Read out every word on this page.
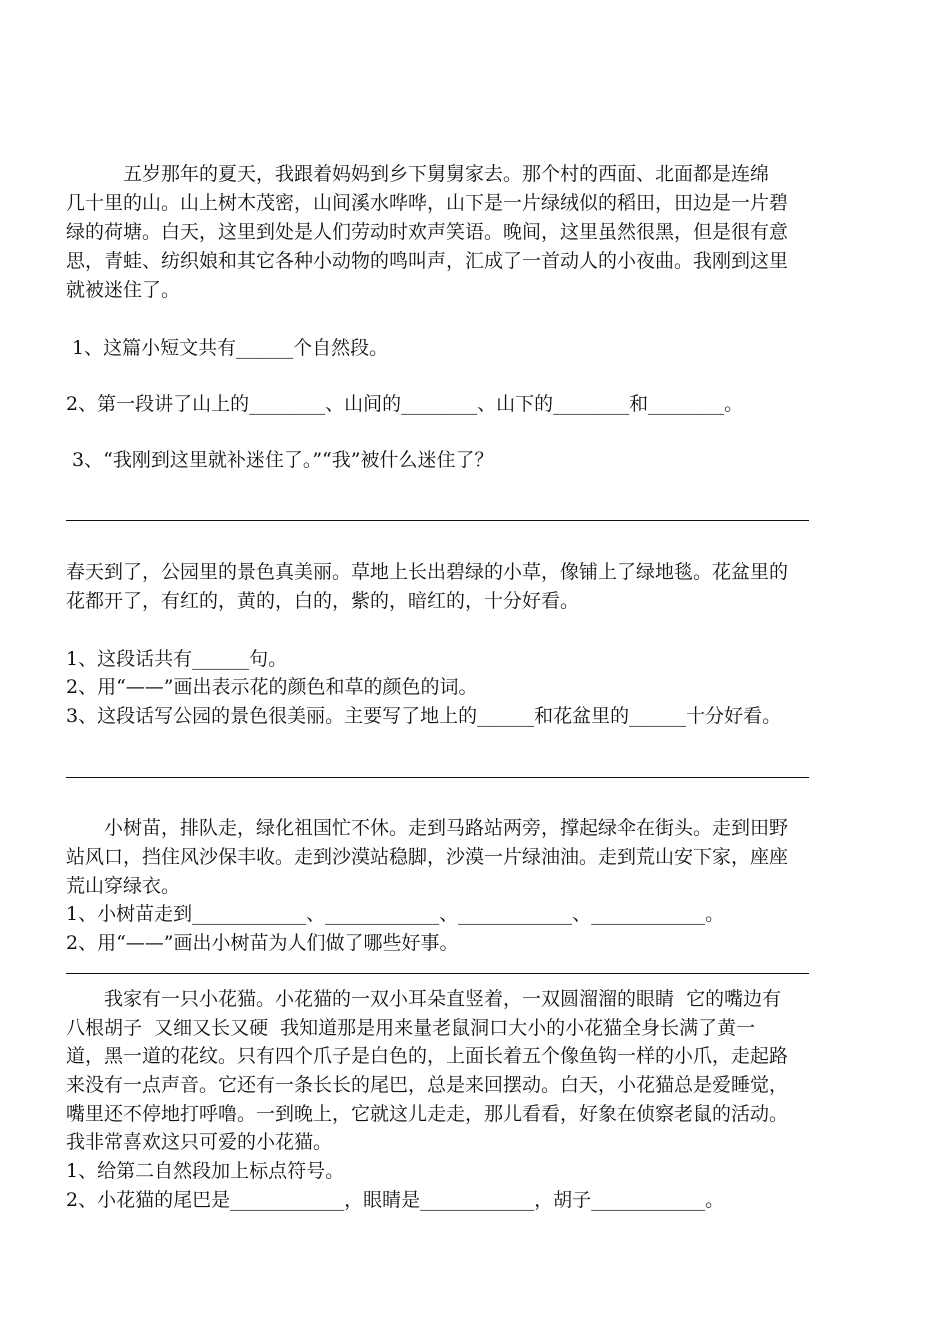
　　　五岁那年的夏天，我跟着妈妈到乡下舅舅家去。那个村的西面、北面都是连绵
几十里的山。山上树木茂密，山间溪水哗哗，山下是一片绿绒似的稻田，田边是一片碧
绿的荷塘。白天，这里到处是人们劳动时欢声笑语。晚间，这里虽然很黑，但是很有意
思，青蛙、纺织娘和其它各种小动物的鸣叫声，汇成了一首动人的小夜曲。我刚到这里
就被迷住了。
1、这篇小短文共有______个自然段。
2、第一段讲了山上的________、山间的________、山下的________和________。
3、“我刚到这里就补迷住了。”“我”被什么迷住了？
春天到了，公园里的景色真美丽。草地上长出碧绿的小草，像铺上了绿地毯。花盆里的
花都开了，有红的，黄的，白的，紫的，暗红的，十分好看。
1、这段话共有______句。
2、用“——”画出表示花的颜色和草的颜色的词。
3、这段话写公园的景色很美丽。主要写了地上的______和花盆里的______十分好看。
　　小树苗，排队走，绿化祖国忙不休。走到马路站两旁，撑起绿伞在街头。走到田野
站风口，挡住风沙保丰收。走到沙漠站稳脚，沙漠一片绿油油。走到荒山安下家，座座
荒山穿绿衣。
1、小树苗走到____________、____________、____________、____________。
2、用“——”画出小树苗为人们做了哪些好事。
　　我家有一只小花猫。小花猫的一双小耳朵直竖着，一双圆溜溜的眼睛  它的嘴边有
八根胡子  又细又长又硬  我知道那是用来量老鼠洞口大小的小花猫全身长满了黄一
道，黑一道的花纹。只有四个爪子是白色的，上面长着五个像鱼钩一样的小爪，走起路
来没有一点声音。它还有一条长长的尾巴，总是来回摆动。白天，小花猫总是爱睡觉，
嘴里还不停地打呼噜。一到晚上，它就这儿走走，那儿看看，好象在侦察老鼠的活动。
我非常喜欢这只可爱的小花猫。
1、给第二自然段加上标点符号。
2、小花猫的尾巴是____________，眼睛是____________，胡子____________。
